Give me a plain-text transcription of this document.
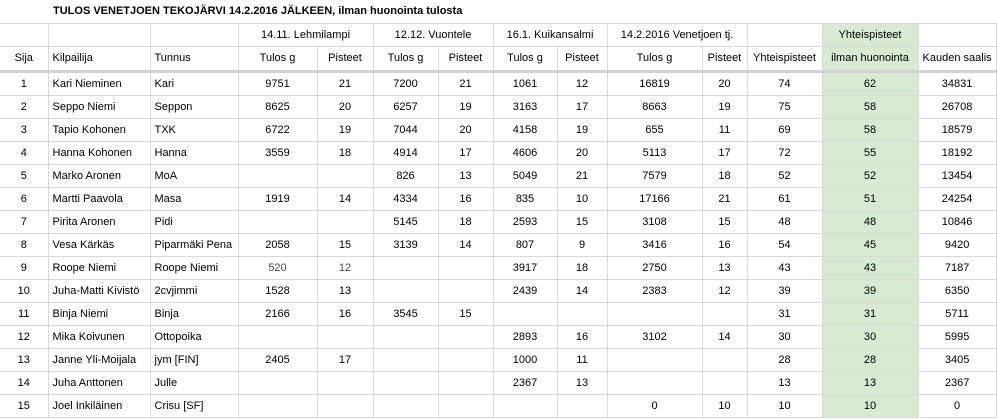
TULOS VENETJOEN TEKOJÄRVI 14.2.2016 JÄLKEEN, ilman huonointa tulosta													
			14.11. Lehmilampi		12.12. Vuontele		16.1. Kuikansalmi		14.2.2016 Venetjoen tj.			Yhteispisteet	
Sija	Kilpailija	Tunnus	Tulos g	Pisteet	Tulos g	Pisteet	Tulos g	Pisteet	Tulos g	Pisteet	Yhteispisteet	ilman huonointa	Kauden saalis
1	Kari Nieminen	Kari	9751	21	7200	21	1061	12	16819	20	74	62	34831
2	Seppo Niemi	Seppon	8625	20	6257	19	3163	17	8663	19	75	58	26708
3	Tapio Kohonen	TXK	6722	19	7044	20	4158	19	655	11	69	58	18579
4	Hanna Kohonen	Hanna	3559	18	4914	17	4606	20	5113	17	72	55	18192
5	Marko Aronen	MoA			826	13	5049	21	7579	18	52	52	13454
6	Martti Paavola	Masa	1919	14	4334	16	835	10	17166	21	61	51	24254
7	Pirita Aronen	Pidi			5145	18	2593	15	3108	15	48	48	10846
8	Vesa Kärkäs	Piparmäki Pena	2058	15	3139	14	807	9	3416	16	54	45	9420
9	Roope Niemi	Roope Niemi	520	12			3917	18	2750	13	43	43	7187
10	Juha-Matti Kivistö	2cvjimmi	1528	13			2439	14	2383	12	39	39	6350
11	Binja Niemi	Binja	2166	16	3545	15					31	31	5711
12	Mika Koivunen	Ottopoika					2893	16	3102	14	30	30	5995
13	Janne Yli-Moijala	jym [FIN]	2405	17			1000	11			28	28	3405
14	Juha Anttonen	Julle					2367	13			13	13	2367
15	Joel Inkiläinen	Crisu [SF]							0	10	10	10	0
